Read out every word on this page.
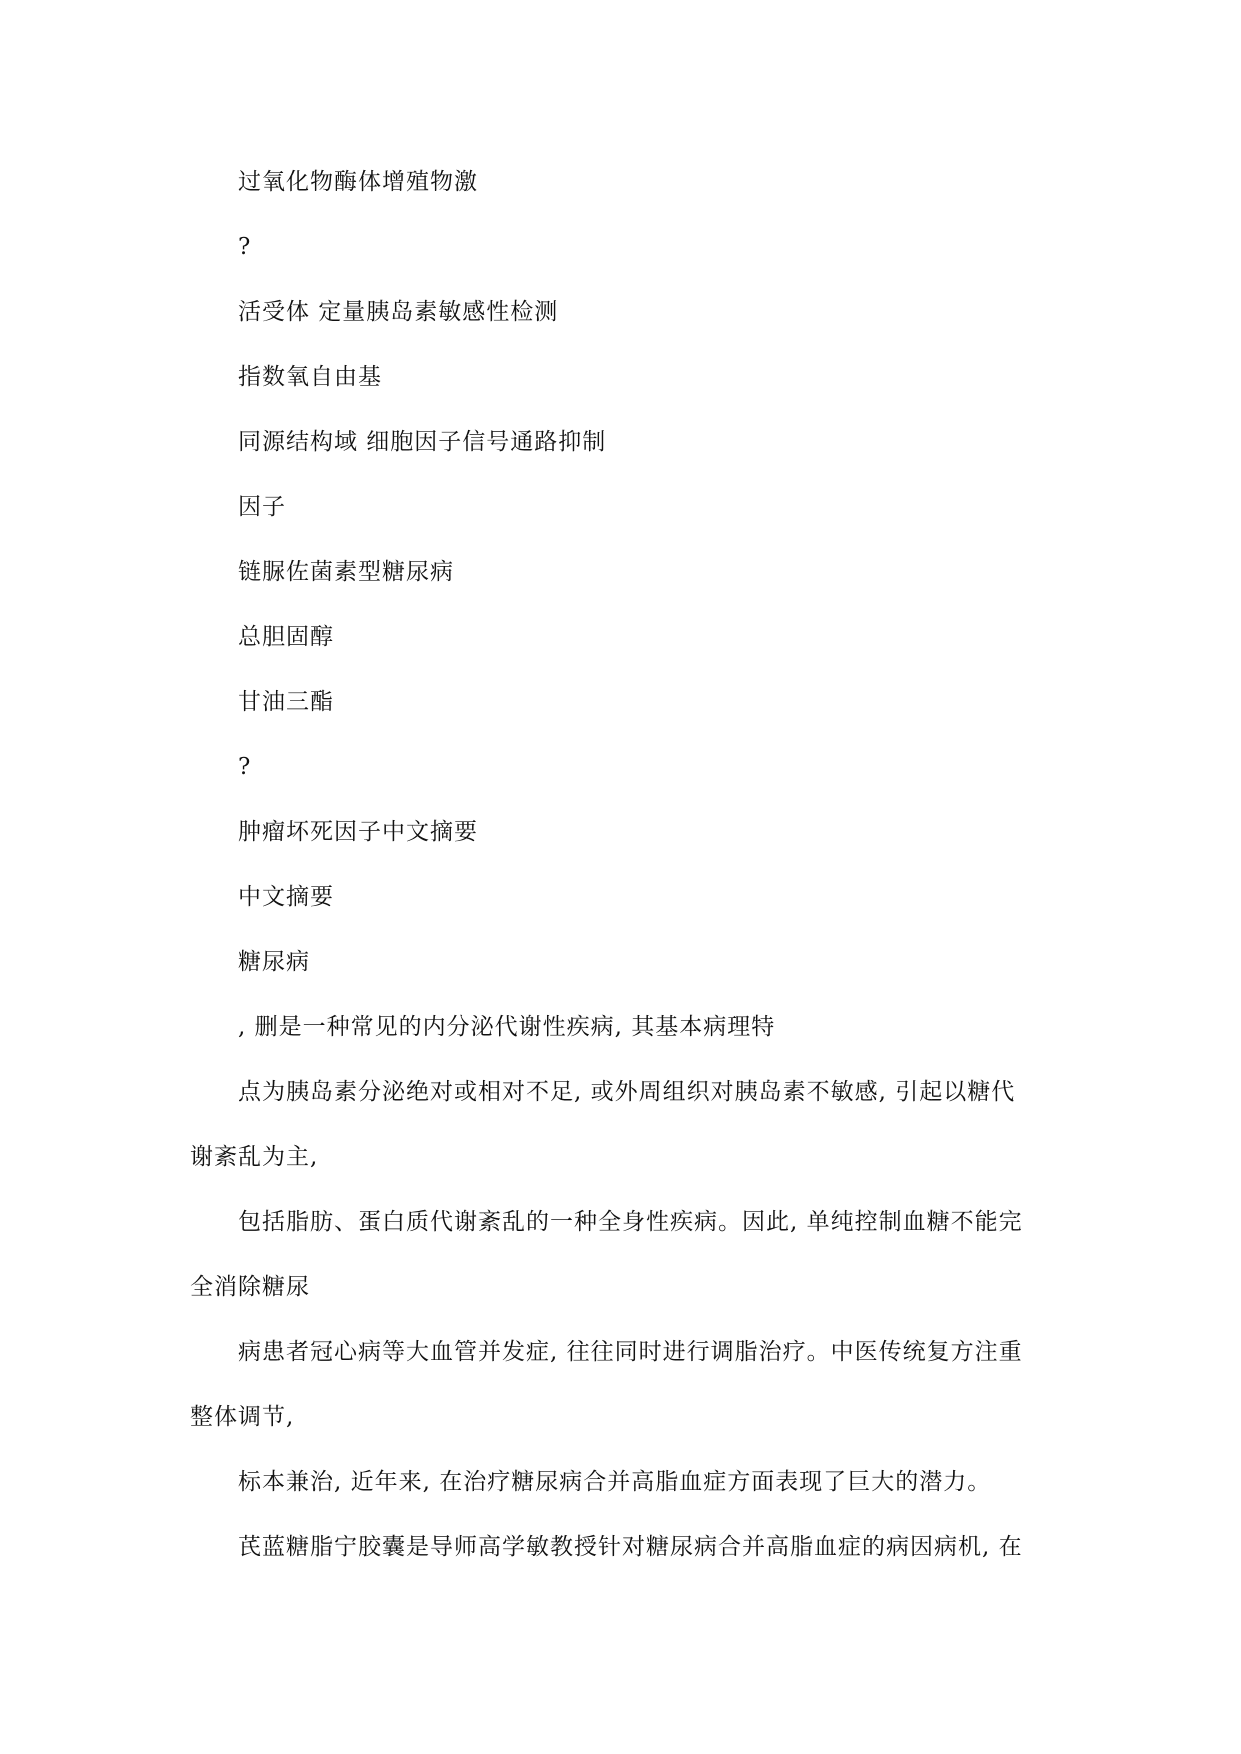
过氧化物酶体增殖物激
?
活受体 定量胰岛素敏感性检测
指数氧自由基
同源结构域 细胞因子信号通路抑制
因子
链脲佐菌素型糖尿病
总胆固醇
甘油三酯
?
肿瘤坏死因子中文摘要
中文摘要
糖尿病
, 删是一种常见的内分泌代谢性疾病, 其基本病理特
点为胰岛素分泌绝对或相对不足, 或外周组织对胰岛素不敏感, 引起以糖代
谢紊乱为主,
包括脂肪、蛋白质代谢紊乱的一种全身性疾病。因此, 单纯控制血糖不能完
全消除糖尿
病患者冠心病等大血管并发症, 往往同时进行调脂治疗。中医传统复方注重
整体调节,
标本兼治, 近年来, 在治疗糖尿病合并高脂血症方面表现了巨大的潜力。
芪蓝糖脂宁胶囊是导师高学敏教授针对糖尿病合并高脂血症的病因病机, 在
